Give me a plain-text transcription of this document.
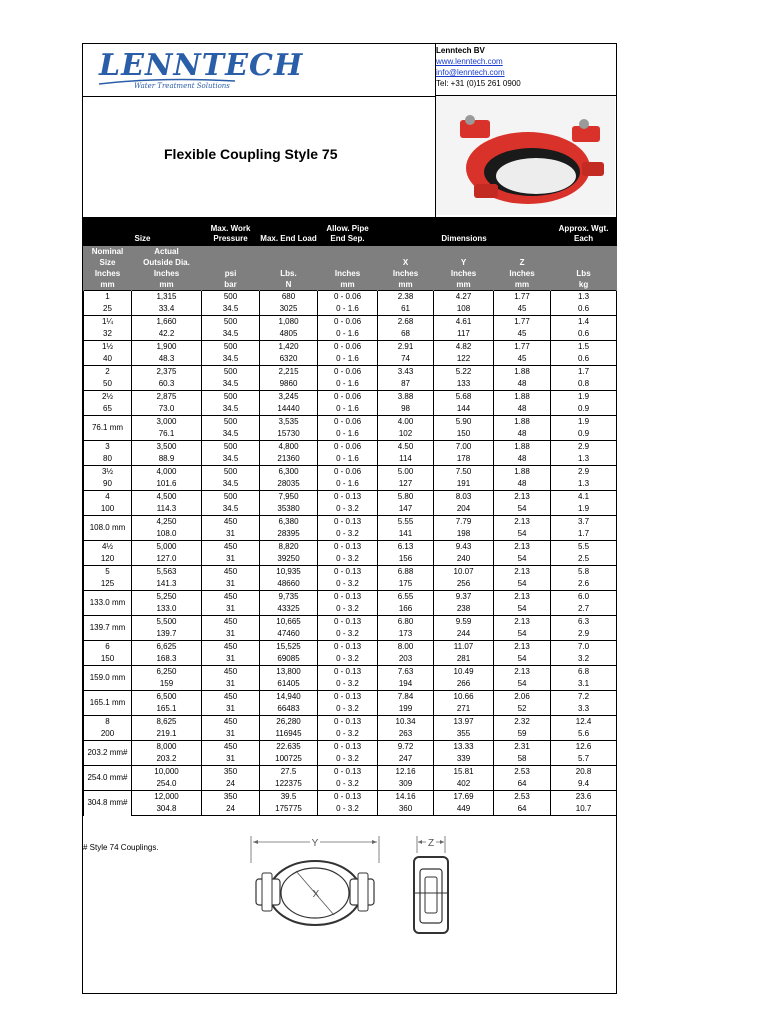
LENNTECH
Water Treatment Solutions
Lenntech BV
www.lenntech.com
info@lenntech.com
Tel: +31 (0)15 261 0900
Flexible Coupling Style 75
Size		Max. Work Pressure	Max. End Load	Allow. Pipe End Sep.	Dimensions			Approx. Wgt. Each
Nominal	Actual							
Size	Outside Dia.				X	Y	Z	
Inches	Inches	psi	Lbs.	Inches	Inches	Inches	Inches	Lbs
mm	mm	bar	N	mm	mm	mm	mm	kg
1	1,315	500	680	0 - 0.06	2.38	4.27	1.77	1.3
25	33.4	34.5	3025	0 - 1.6	61	108	45	0.6
1¼	1,660	500	1,080	0 - 0.06	2.68	4.61	1.77	1.4
32	42.2	34.5	4805	0 - 1.6	68	117	45	0.6
1½	1,900	500	1,420	0 - 0.06	2.91	4.82	1.77	1.5
40	48.3	34.5	6320	0 - 1.6	74	122	45	0.6
2	2,375	500	2,215	0 - 0.06	3.43	5.22	1.88	1.7
50	60.3	34.5	9860	0 - 1.6	87	133	48	0.8
2½	2,875	500	3,245	0 - 0.06	3.88	5.68	1.88	1.9
65	73.0	34.5	14440	0 - 1.6	98	144	48	0.9
76.1 mm	3,000	500	3,535	0 - 0.06	4.00	5.90	1.88	1.9
	76.1	34.5	15730	0 - 1.6	102	150	48	0.9
3	3,500	500	4,800	0 - 0.06	4.50	7.00	1.88	2.9
80	88.9	34.5	21360	0 - 1.6	114	178	48	1.3
3½	4,000	500	6,300	0 - 0.06	5.00	7.50	1.88	2.9
90	101.6	34.5	28035	0 - 1.6	127	191	48	1.3
4	4,500	500	7,950	0 - 0.13	5.80	8.03	2.13	4.1
100	114.3	34.5	35380	0 - 3.2	147	204	54	1.9
108.0 mm	4,250	450	6,380	0 - 0.13	5.55	7.79	2.13	3.7
	108.0	31	28395	0 - 3.2	141	198	54	1.7
4½	5,000	450	8,820	0 - 0.13	6.13	9.43	2.13	5.5
120	127.0	31	39250	0 - 3.2	156	240	54	2.5
5	5,563	450	10,935	0 - 0.13	6.88	10.07	2.13	5.8
125	141.3	31	48660	0 - 3.2	175	256	54	2.6
133.0 mm	5,250	450	9,735	0 - 0.13	6.55	9.37	2.13	6.0
	133.0	31	43325	0 - 3.2	166	238	54	2.7
139.7 mm	5,500	450	10,665	0 - 0.13	6.80	9.59	2.13	6.3
	139.7	31	47460	0 - 3.2	173	244	54	2.9
6	6,625	450	15,525	0 - 0.13	8.00	11.07	2.13	7.0
150	168.3	31	69085	0 - 3.2	203	281	54	3.2
159.0 mm	6,250	450	13,800	0 - 0.13	7.63	10.49	2.13	6.8
	159	31	61405	0 - 3.2	194	266	54	3.1
165.1 mm	6,500	450	14,940	0 - 0.13	7.84	10.66	2.06	7.2
	165.1	31	66483	0 - 3.2	199	271	52	3.3
8	8,625	450	26,280	0 - 0.13	10.34	13.97	2.32	12.4
200	219.1	31	116945	0 - 3.2	263	355	59	5.6
203.2 mm#	8,000	450	22.635	0 - 0.13	9.72	13.33	2.31	12.6
	203.2	31	100725	0 - 3.2	247	339	58	5.7
254.0 mm#	10,000	350	27.5	0 - 0.13	12.16	15.81	2.53	20.8
	254.0	24	122375	0 - 3.2	309	402	64	9.4
304.8 mm#	12,000	350	39.5	0 - 0.13	14.16	17.69	2.53	23.6
	304.8	24	175775	0 - 3.2	360	449	64	10.7
# Style 74 Couplings.	Y
X
Z
